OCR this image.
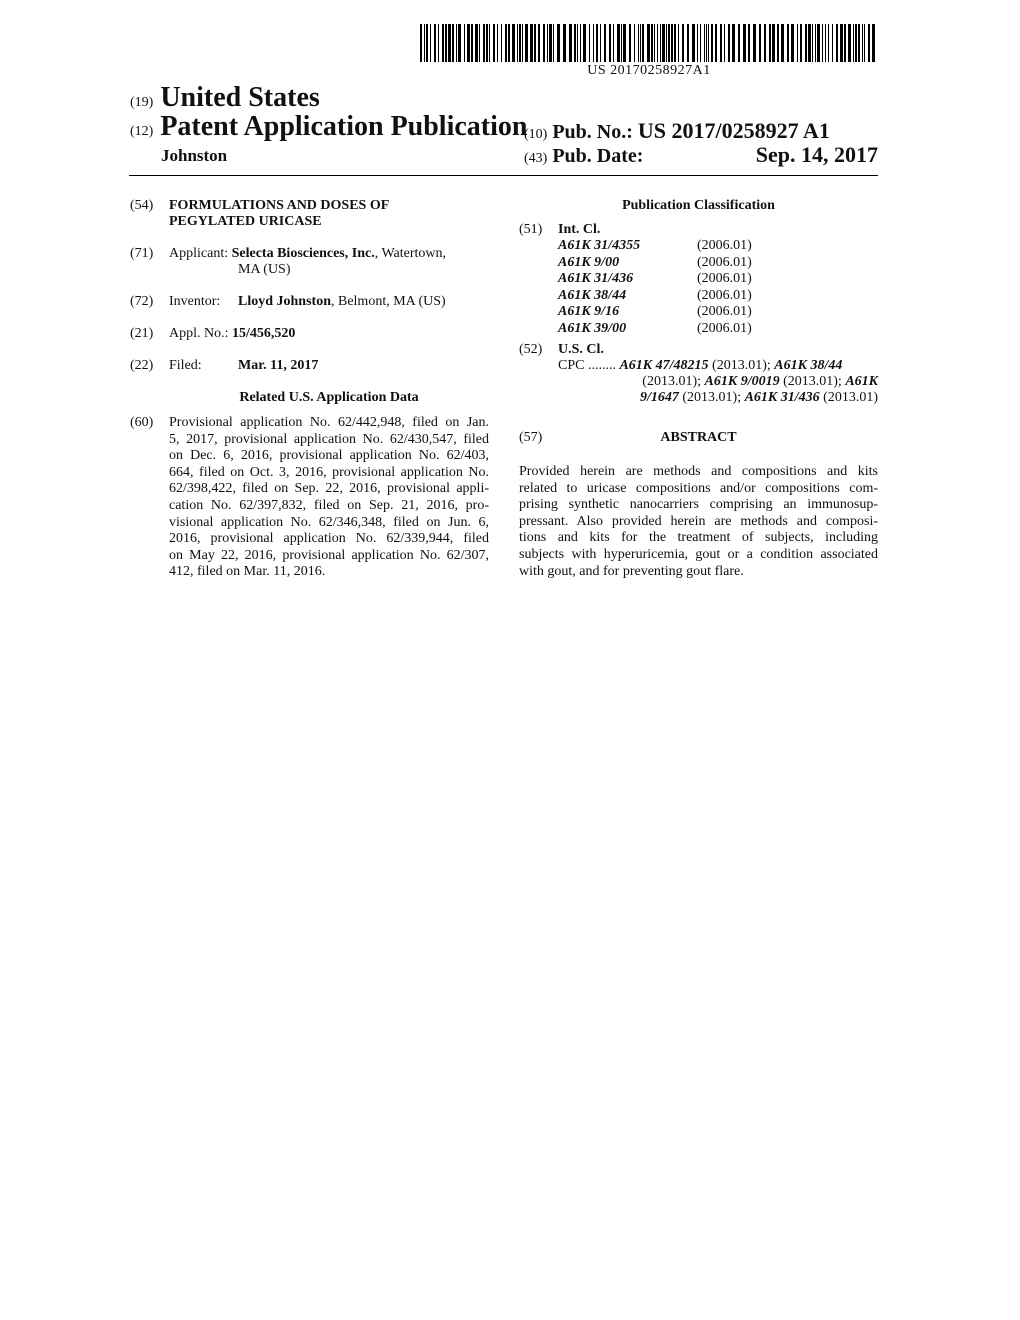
US 20170258927A1
(19) United States
(12) Patent Application Publication
Johnston
(10) Pub. No.: US 2017/0258927 A1
(43) Pub. Date:	Sep. 14, 2017
(54) FORMULATIONS AND DOSES OF
PEGYLATED URICASE
(71) Applicant: Selecta Biosciences, Inc., Watertown,
MA (US)
(72) Inventor: Lloyd Johnston, Belmont, MA (US)
(21) Appl. No.: 15/456,520
(22) Filed:	Mar. 11, 2017
Related U.S. Application Data
(60) Provisional application No. 62/442,948, filed on Jan.
5, 2017, provisional application No. 62/430,547, filed
on Dec. 6, 2016, provisional application No. 62/403,
664, filed on Oct. 3, 2016, provisional application No.
62/398,422, filed on Sep. 22, 2016, provisional appli-
cation No. 62/397,832, filed on Sep. 21, 2016, pro-
visional application No. 62/346,348, filed on Jun. 6,
2016, provisional application No. 62/339,944, filed
on May 22, 2016, provisional application No. 62/307,
412, filed on Mar. 11, 2016.
Publication Classification
(51) Int. Cl.
A61K 31/4355	(2006.01)
A61K 9/00	(2006.01)
A61K 31/436	(2006.01)
A61K 38/44	(2006.01)
A61K 9/16	(2006.01)
A61K 39/00	(2006.01)
(52) U.S. Cl.
CPC ........ A61K 47/48215 (2013.01); A61K 38/44
(2013.01); A61K 9/0019 (2013.01); A61K
9/1647 (2013.01); A61K 31/436 (2013.01)
(57)	ABSTRACT
Provided herein are methods and compositions and kits
related to uricase compositions and/or compositions com-
prising synthetic nanocarriers comprising an immunosup-
pressant. Also provided herein are methods and composi-
tions and kits for the treatment of subjects, including
subjects with hyperuricemia, gout or a condition associated
with gout, and for preventing gout flare.
